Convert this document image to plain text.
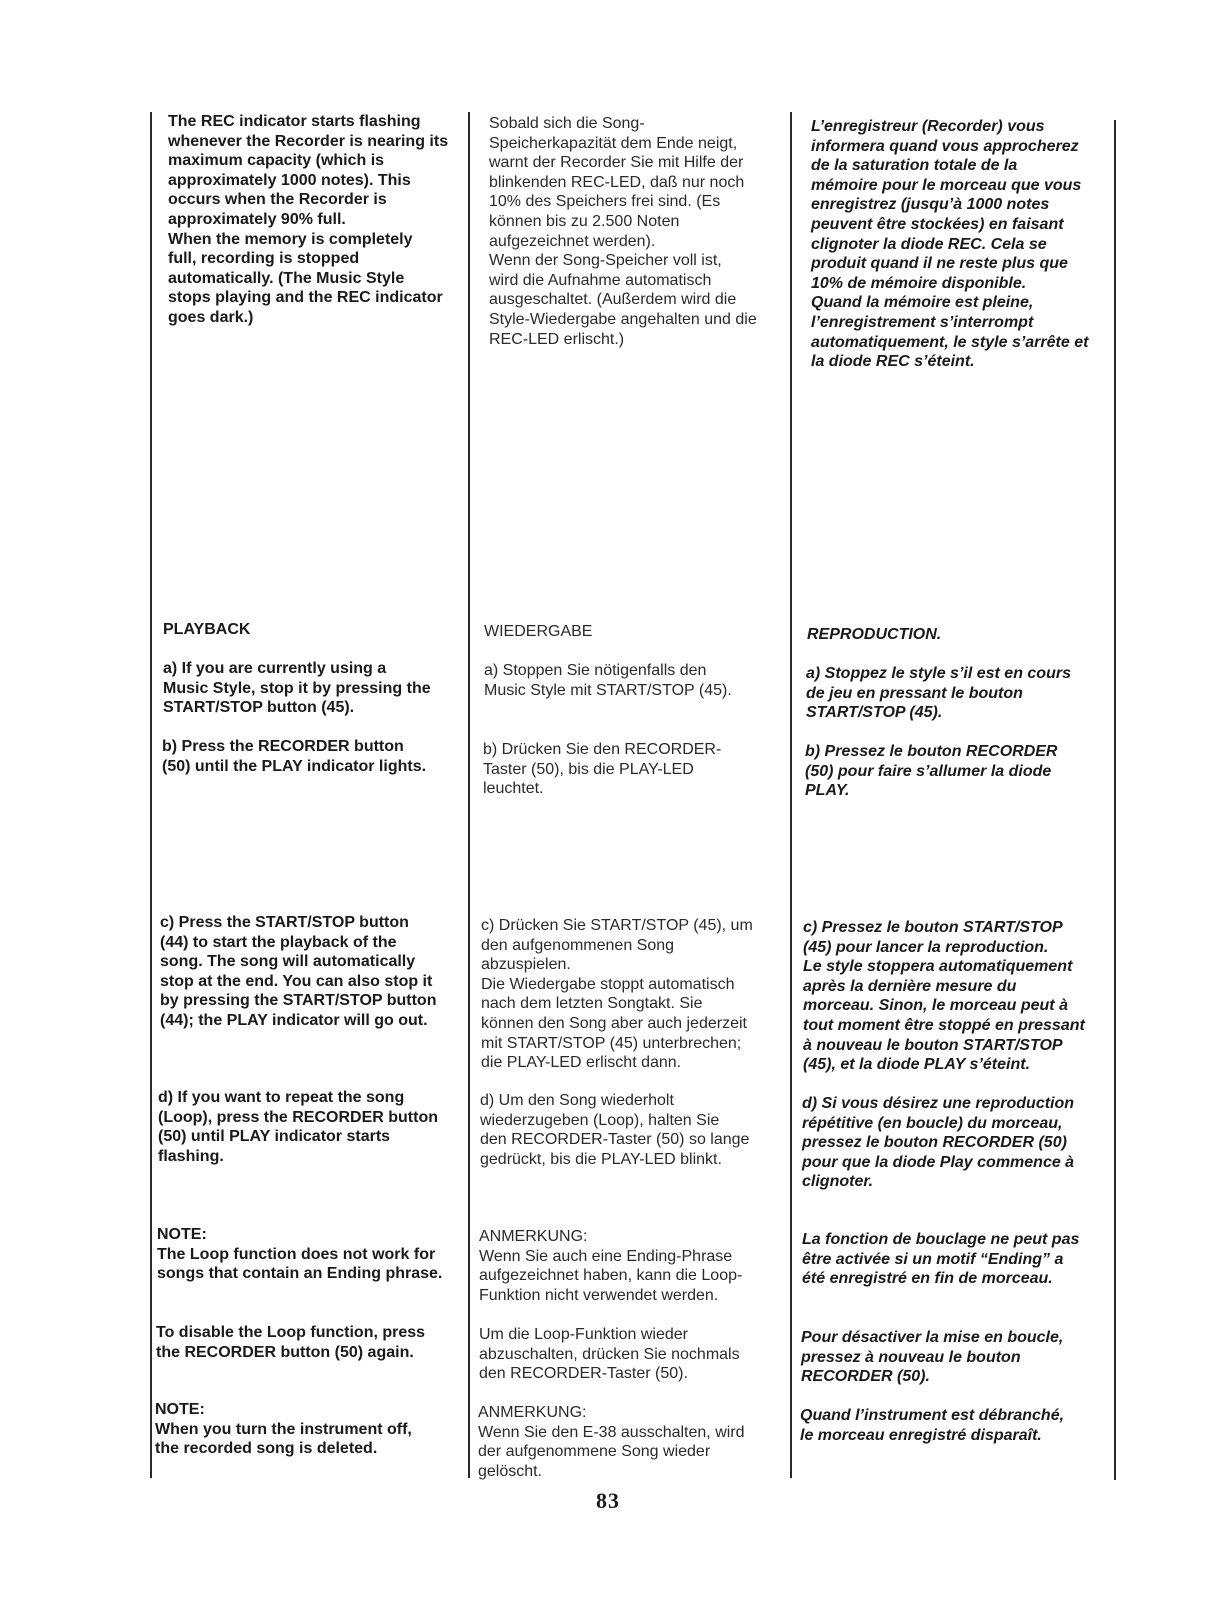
The REC indicator starts flashing
whenever the Recorder is nearing its
maximum capacity (which is
approximately 1000 notes). This
occurs when the Recorder is
approximately 90% full.
When the memory is completely
full, recording is stopped
automatically. (The Music Style
stops playing and the REC indicator
goes dark.)

PLAYBACK

a) If you are currently using a
Music Style, stop it by pressing the
START/STOP button (45).

b) Press the RECORDER button
(50) until the PLAY indicator lights.

c) Press the START/STOP button
(44) to start the playback of the
song. The song will automatically
stop at the end. You can also stop it
by pressing the START/STOP button
(44); the PLAY indicator will go out.

d) If you want to repeat the song
(Loop), press the RECORDER button
(50) until PLAY indicator starts
flashing.

NOTE:
The Loop function does not work for
songs that contain an Ending phrase.

To disable the Loop function, press
the RECORDER button (50) again.

NOTE:
When you turn the instrument off,
the recorded song is deleted.

Sobald sich die Song-
Speicherkapazität dem Ende neigt,
warnt der Recorder Sie mit Hilfe der
blinkenden REC-LED, daß nur noch
10% des Speichers frei sind. (Es
können bis zu 2.500 Noten
aufgezeichnet werden).
Wenn der Song-Speicher voll ist,
wird die Aufnahme automatisch
ausgeschaltet. (Außerdem wird die
Style-Wiedergabe angehalten und die
REC-LED erlischt.)

WIEDERGABE

a) Stoppen Sie nötigenfalls den
Music Style mit START/STOP (45).

b) Drücken Sie den RECORDER-
Taster (50), bis die PLAY-LED
leuchtet.

c) Drücken Sie START/STOP (45), um
den aufgenommenen Song
abzuspielen.
Die Wiedergabe stoppt automatisch
nach dem letzten Songtakt. Sie
können den Song aber auch jederzeit
mit START/STOP (45) unterbrechen;
die PLAY-LED erlischt dann.

d) Um den Song wiederholt
wiederzugeben (Loop), halten Sie
den RECORDER-Taster (50) so lange
gedrückt, bis die PLAY-LED blinkt.

ANMERKUNG:
Wenn Sie auch eine Ending-Phrase
aufgezeichnet haben, kann die Loop-
Funktion nicht verwendet werden.

Um die Loop-Funktion wieder
abzuschalten, drücken Sie nochmals
den RECORDER-Taster (50).

ANMERKUNG:
Wenn Sie den E-38 ausschalten, wird
der aufgenommene Song wieder
gelöscht.

L’enregistreur (Recorder) vous
informera quand vous approcherez
de la saturation totale de la
mémoire pour le morceau que vous
enregistrez (jusqu’à 1000 notes
peuvent être stockées) en faisant
clignoter la diode REC. Cela se
produit quand il ne reste plus que
10% de mémoire disponible.
Quand la mémoire est pleine,
l’enregistrement s’interrompt
automatiquement, le style s’arrête et
la diode REC s’éteint.

REPRODUCTION.

a) Stoppez le style s’il est en cours
de jeu en pressant le bouton
START/STOP (45).

b) Pressez le bouton RECORDER
(50) pour faire s’allumer la diode
PLAY.

c) Pressez le bouton START/STOP
(45) pour lancer la reproduction.
Le style stoppera automatiquement
après la dernière mesure du
morceau. Sinon, le morceau peut à
tout moment être stoppé en pressant
à nouveau le bouton START/STOP
(45), et la diode PLAY s’éteint.

d) Si vous désirez une reproduction
répétitive (en boucle) du morceau,
pressez le bouton RECORDER (50)
pour que la diode Play commence à
clignoter.

La fonction de bouclage ne peut pas
être activée si un motif “Ending” a
été enregistré en fin de morceau.

Pour désactiver la mise en boucle,
pressez à nouveau le bouton
RECORDER (50).

Quand l’instrument est débranché,
le morceau enregistré disparaît.

83
